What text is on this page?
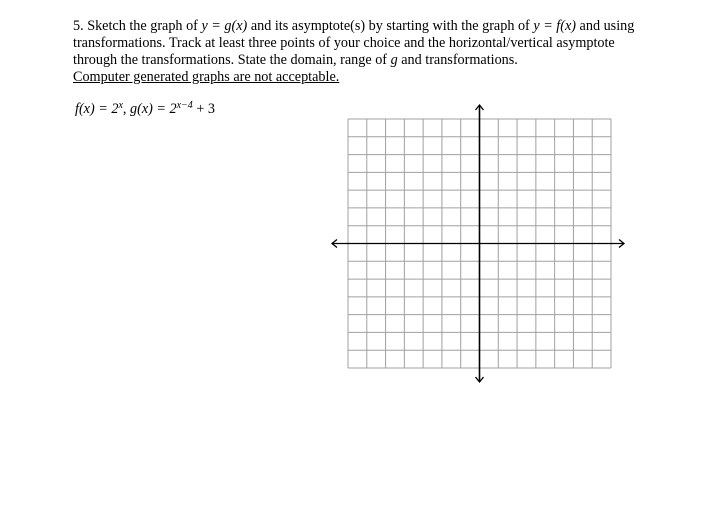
5. Sketch the graph of y = g(x) and its asymptote(s) by starting with the graph of y = f(x) and using transformations. Track at least three points of your choice and the horizontal/vertical asymptote through the transformations. State the domain, range of g and transformations.

Computer generated graphs are not acceptable.

$f(x) = 2^x$, $g(x) = 2^{x-4} + 3$
